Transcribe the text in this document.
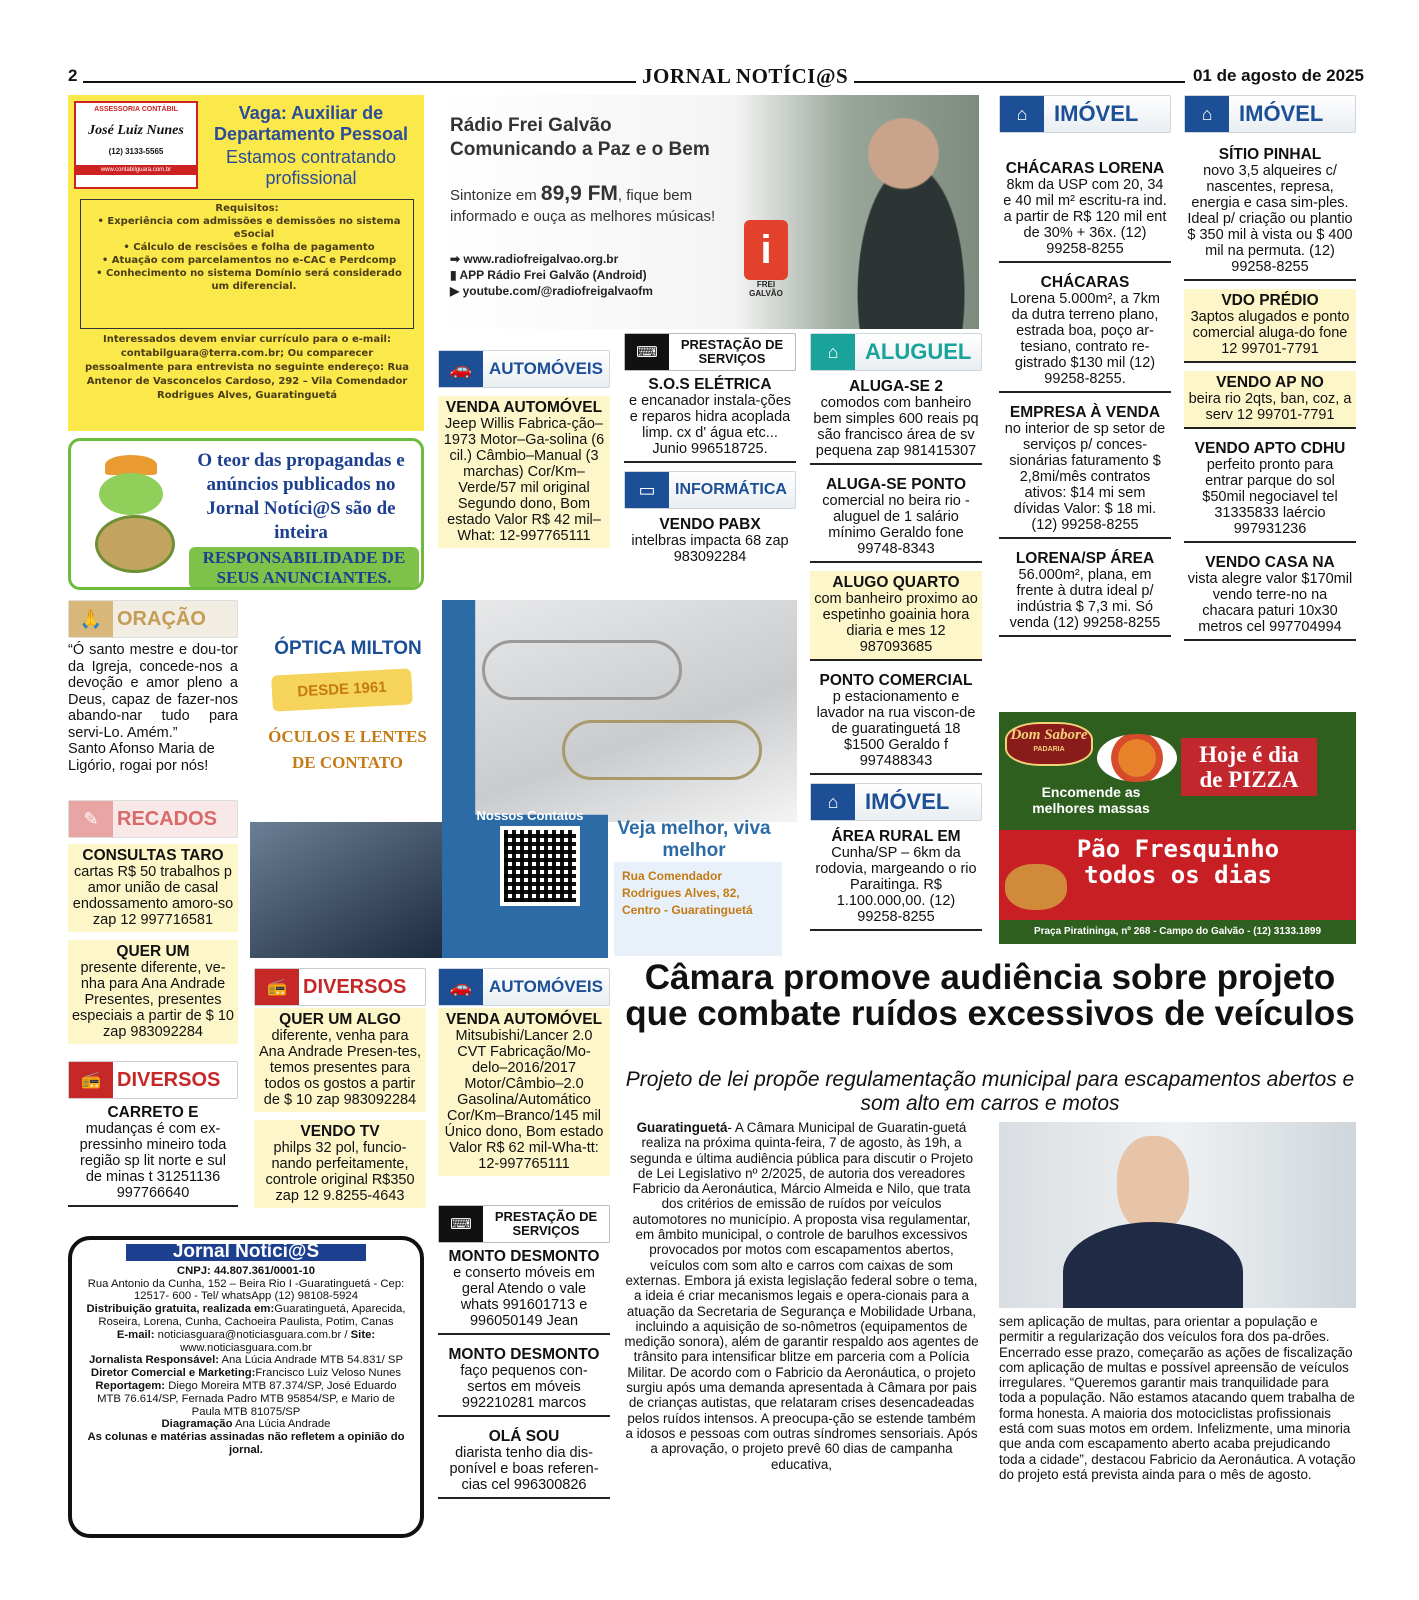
2	JORNAL NOTÍCI@S	01 de agosto de 2025
ASSESSORIA CONTÁBIL
José Luiz Nunes
(12) 3133-5565
www.contabilguara.com.br
Vaga: Auxiliar de Departamento Pessoal
Estamos contratando profissional
Requisitos:
• Experiência com admissões e demissões no sistema eSocial
• Cálculo de rescisões e folha de pagamento
• Atuação com parcelamentos no e-CAC e Perdcomp
• Conhecimento no sistema Domínio será considerado um diferencial.
Interessados devem enviar currículo para o e-mail: contabilguara@terra.com.br; Ou comparecer pessoalmente para entrevista no seguinte endereço: Rua Antenor de Vasconcelos Cardoso, 292 – Vila Comendador Rodrigues Alves, Guaratinguetá
Rádio Frei Galvão
Comunicando a Paz e o Bem
Sintonize em 89,9 FM, fique bem informado e ouça as melhores músicas!
➡ www.radiofreigalvao.org.br
▮ APP Rádio Frei Galvão (Android)
▶ youtube.com/@radiofreigalvaofm
i
FREI GALVÃO
⌂	IMÓVEL
CHÁCARAS LORENA
8km da USP com 20, 34 e 40 mil m² escritu-ra ind. a partir de R$ 120 mil ent de 30% + 36x. (12) 99258-8255
CHÁCARAS
Lorena 5.000m², a 7km da dutra terreno plano, estrada boa, poço ar-tesiano, contrato re-gistrado $130 mil (12) 99258-8255.
EMPRESA À VENDA
no interior de sp setor de serviços p/ conces-sionárias faturamento $ 2,8mi/mês contratos ativos: $14 mi sem dívidas Valor: $ 18 mi. (12) 99258-8255
LORENA/SP ÁREA
56.000m², plana, em frente à dutra ideal p/ indústria $ 7,3 mi. Só venda (12) 99258-8255
⌂	IMÓVEL
SÍTIO PINHAL
novo 3,5 alqueires c/ nascentes, represa, energia e casa sim-ples. Ideal p/ criação ou plantio $ 350 mil à vista ou $ 400 mil na permuta. (12) 99258-8255
VDO PRÉDIO
3aptos alugados e ponto comercial aluga-do fone 12 99701-7791
VENDO AP NO
beira rio 2qts, ban, coz, a serv 12 99701-7791
VENDO APTO CDHU
perfeito pronto para entrar parque do sol $50mil negociavel tel 31335833 laércio 997931236
VENDO CASA NA
vista alegre valor $170mil vendo terre-no na chacara paturi 10x30 metros cel 997704994
O teor das propagandas e anúncios publicados no Jornal Notíci@S são de inteira
RESPONSABILIDADE DE SEUS ANUNCIANTES.
🚗 AUTOMÓVEIS
VENDA AUTOMÓVEL
Jeep Willis Fabrica-ção–1973 Motor–Ga-solina (6 cil.) Câmbio–Manual (3 marchas) Cor/Km–Verde/57 mil original Segundo dono, Bom estado Valor R$ 42 mil–What: 12-997765111
⌨	PRESTAÇÃO DE SERVIÇOS
S.O.S ELÉTRICA
e encanador instala-ções e reparos hidra acoplada limp. cx d' água etc... Junio 996518725.
▭	INFORMÁTICA
VENDO PABX
intelbras impacta 68 zap 983092284
⌂	ALUGUEL
ALUGA-SE 2
comodos com banheiro bem simples 600 reais pq são francisco área de sv pequena zap 981415307
ALUGA-SE PONTO
comercial no beira rio - aluguel de 1 salário mínimo Geraldo fone 99748-8343
ALUGO QUARTO
com banheiro proximo ao espetinho goainia hora diaria e mes 12 987093685
PONTO COMERCIAL
p estacionamento e lavador na rua viscon-de de guaratinguetá 18 $1500 Geraldo f 997488343
⌂	IMÓVEL
ÁREA RURAL EM
Cunha/SP – 6km da rodovia, margeando o rio Paraitinga. R$ 1.100.000,00. (12) 99258-8255
🙏 ORAÇÃO
“Ó santo mestre e dou-tor da Igreja, concede-nos a devoção e amor pleno a Deus, capaz de fazer-nos abando-nar tudo para servi-Lo. Amém.”
Santo Afonso Maria de Ligório, rogai por nós!
✎ RECADOS
CONSULTAS TARO
cartas R$ 50 trabalhos p amor união de casal endossamento amoro-so zap 12 997716581
QUER UM
presente diferente, ve-nha para Ana Andrade Presentes, presentes especiais a partir de $ 10 zap 983092284
📻 DIVERSOS
CARRETO E
mudanças é com ex-pressinho mineiro toda região sp lit norte e sul de minas t 31251136 997766640
ÓPTICA MILTON
DESDE 1961
ÓCULOS E LENTES DE CONTATO
Nossos Contatos
Veja melhor, viva melhor
Rua Comendador Rodrigues Alves, 82, Centro - Guaratinguetá
📻 DIVERSOS
QUER UM ALGO
diferente, venha para Ana Andrade Presen-tes, temos presentes para todos os gostos a partir de $ 10 zap 983092284
VENDO TV
philps 32 pol, funcio-nando perfeitamente, controle original R$350 zap 12 9.8255-4643
🚗 AUTOMÓVEIS
VENDA AUTOMÓVEL
Mitsubishi/Lancer 2.0 CVT Fabricação/Mo-delo–2016/2017 Motor/Câmbio–2.0 Gasolina/Automático Cor/Km–Branco/145 mil Único dono, Bom estado Valor R$ 62 mil-Wha-tt: 12-997765111
⌨	PRESTAÇÃO DE SERVIÇOS
MONTO DESMONTO
e conserto móveis em geral Atendo o vale whats 991601713 e 996050149 Jean
MONTO DESMONTO
faço pequenos con-sertos em móveis 992210281 marcos
OLÁ SOU
diarista tenho dia dis-ponível e boas referen-cias cel 996300826
Dom Sabore
PADARIA
Encomende as melhores massas
Hoje é dia de PIZZA
Pão Fresquinho todos os dias
Praça Piratininga, nº 268 - Campo do Galvão - (12) 3133.1899
Jornal Notíci@S
CNPJ: 44.807.361/0001-10
Rua Antonio da Cunha, 152 – Beira Rio I -Guaratinguetá - Cep: 12517- 600 - Tel/ whatsApp (12) 98108-5924
Distribuição gratuita, realizada em:Guaratinguetá, Aparecida, Roseira, Lorena, Cunha, Cachoeira Paulista, Potim, Canas
E-mail: noticiasguara@noticiasguara.com.br / Site: www.noticiasguara.com.br
Jornalista Responsável: Ana Lúcia Andrade MTB 54.831/ SP
Diretor Comercial e Marketing:Francisco Luiz Veloso Nunes
Reportagem: Diego Moreira MTB 87.374/SP, José Eduardo MTB 76.614/SP, Fernada Padro MTB 95854/SP, e Mario de Paula MTB 81075/SP
Diagramação Ana Lúcia Andrade
As colunas e matérias assinadas não refletem a opinião do jornal.
Câmara promove audiência sobre projeto que combate ruídos excessivos de veículos
Projeto de lei propõe regulamentação municipal para escapamentos abertos e som alto em carros e motos

Guaratinguetá- A Câmara Municipal de Guaratin-guetá realiza na próxima quinta-feira, 7 de agosto, às 19h, a segunda e última audiência pública para discutir o Projeto de Lei Legislativo nº 2/2025, de autoria dos vereadores Fabricio da Aeronáutica, Márcio Almeida e Nilo, que trata dos critérios de emissão de ruídos por veículos automotores no município. A proposta visa regulamentar, em âmbito municipal, o controle de barulhos excessivos provocados por motos com escapamentos abertos, veículos com som alto e carros com caixas de som externas. Embora já exista legislação federal sobre o tema, a ideia é criar mecanismos legais e opera-cionais para a atuação da Secretaria de Segurança e Mobilidade Urbana, incluindo a aquisição de so-nômetros (equipamentos de medição sonora), além de garantir respaldo aos agentes de trânsito para intensificar blitze em parceria com a Polícia Militar. De acordo com o Fabricio da Aeronáutica, o projeto surgiu após uma demanda apresentada à Câmara por pais de crianças autistas, que relataram crises desencadeadas pelos ruídos intensos. A preocupa-ção se estende também a idosos e pessoas com outras síndromes sensoriais. Após a aprovação, o projeto prevê 60 dias de campanha educativa,

sem aplicação de multas, para orientar a população e permitir a regularização dos veículos fora dos pa-drões. Encerrado esse prazo, começarão as ações de fiscalização com aplicação de multas e possível apreensão de veículos irregulares. “Queremos garantir mais tranquilidade para toda a população. Não estamos atacando quem trabalha de forma honesta. A maioria dos motociclistas profissionais está com suas motos em ordem. Infelizmente, uma minoria que anda com escapamento aberto acaba prejudicando toda a cidade”, destacou Fabricio da Aeronáutica. A votação do projeto está prevista ainda para o mês de agosto.
